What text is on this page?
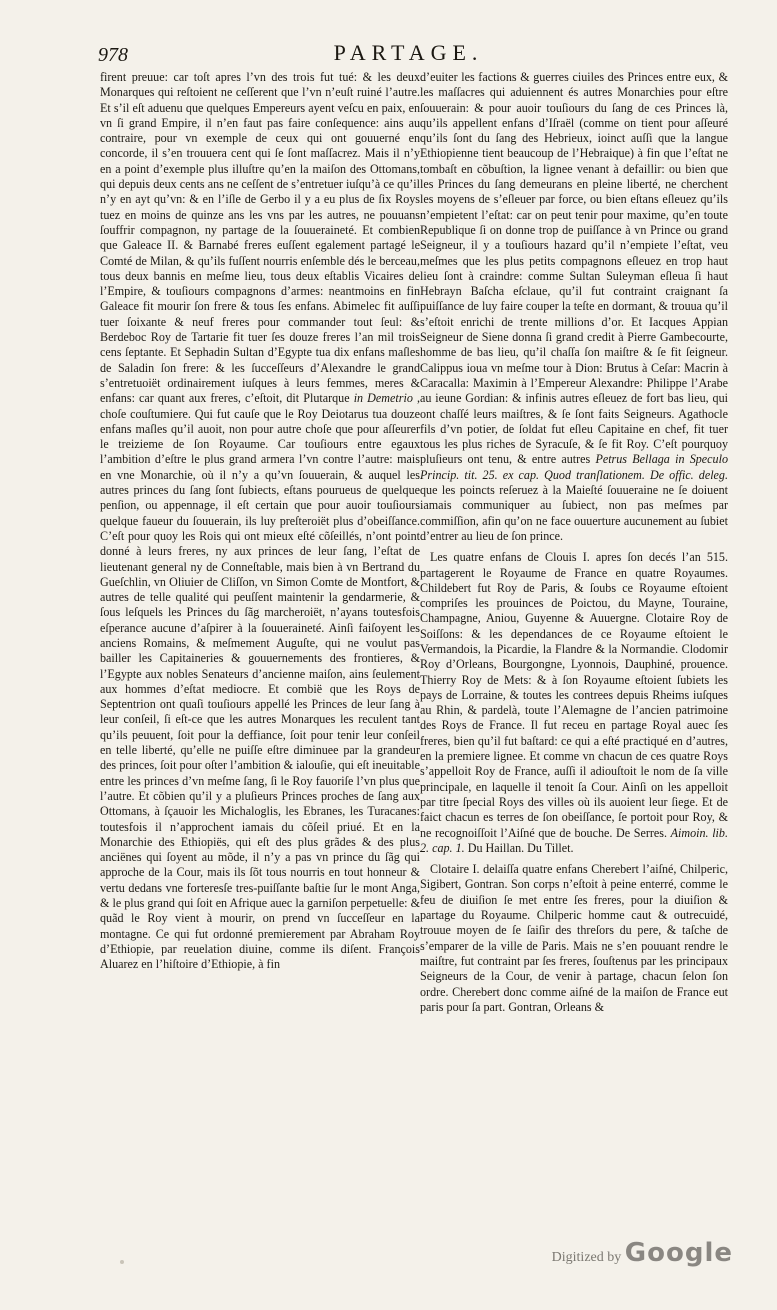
978	PARTAGE.

fìrent preuue: car toſt apres l’vn des trois fut tué: & les deux Monarques qui reſtoient ne ceſſerent que l’vn n’euſt ruiné l’autre. Et s’il eſt aduenu que quelques Empereurs ayent veſcu en paix, en vn ſi grand Empire, il n’en faut pas faire conſequence: ains au contraire, pour vn exemple de ceux qui ont gouuerné en concorde, il s’en trouuera cent qui ſe ſont maſſacrez. Mais il n’y en a point d’exemple plus illuſtre qu’en la maiſon des Ottomans, qui depuis deux cents ans ne ceſſent de s’entretuer iuſqu’à ce qu’il n’y en ayt qu’vn: & en l’iſle de Gerbo il y a eu plus de ſix Roys tuez en moins de quinze ans les vns par les autres, ne pouuans ſouffrir compagnon, ny partage de la ſouueraineté. Et combien que Galeace II. & Barnabé freres euſſent egalement partagé le Comté de Milan, & qu’ils fuſſent nourris enſemble dés le berceau, tous deux bannis en meſme lieu, tous deux eſtablis Vicaires de l’Empire, & touſiours compagnons d’armes: neantmoins en fin Galeace fit mourir ſon frere & tous ſes enfans. Abimelec fit auſſi tuer ſoixante & neuf freres pour commander tout ſeul: & Berdeboc Roy de Tartarie fit tuer ſes douze freres l’an mil trois cens ſeptante. Et Sephadin Sultan d’Egypte tua dix enfans maſles de Saladin ſon frere: & les ſucceſſeurs d’Alexandre le grand s’entretuoiët ordinairement iuſques à leurs femmes, meres & enfans: car quant aux freres, c’eſtoit, dit Plutarque in Demetrio , choſe couſtumiere. Qui fut cauſe que le Roy Deiotarus tua douze enfans maſles qu’il auoit, non pour autre choſe que pour aſſeurer le treizieme de ſon Royaume. Car touſiours entre egaux l’ambition d’eſtre le plus grand armera l’vn contre l’autre: mais en vne Monarchie, où il n’y a qu’vn ſouuerain, & auquel les autres princes du ſang ſont ſubiects, eſtans pourueus de quelque penſion, ou appennage, il eſt certain que pour auoir touſiours quelque faueur du ſouuerain, ils luy preſteroiët plus d’obeiſſance. C’eſt pour quoy les Rois qui ont mieux eſté cõſeillés, n’ont point donné à leurs freres, ny aux princes de leur ſang, l’eſtat de lieutenant general ny de Conneſtable, mais bien à vn Bertrand du Gueſchlin, vn Oliuier de Cliſſon, vn Simon Comte de Montfort, & autres de telle qualité qui peuſſent maintenir la gendarmerie, & ſous leſquels les Princes du ſãg marcheroiët, n’ayans toutesfois eſperance aucune d’aſpirer à la ſouueraineté. Ainſi faiſoyent les anciens Romains, & meſmement Auguſte, qui ne voulut pas bailler les Capitaineries & gouuernements des frontieres, & l’Egypte aux nobles Senateurs d’ancienne maiſon, ains ſeulement aux hommes d’eſtat mediocre. Et combië que les Roys de Septentrion ont quaſi touſiours appellé les Princes de leur ſang à leur conſeil, ſi eſt-ce que les autres Monarques les reculent tant qu’ils peuuent, ſoit pour la deffiance, ſoit pour tenir leur conſeil en telle liberté, qu’elle ne puiſſe eſtre diminuee par la grandeur des princes, ſoit pour oſter l’ambition & ialouſie, qui eſt ineuitable entre les princes d’vn meſme ſang, ſi le Roy fauoriſe l’vn plus que l’autre. Et cõbien qu’il y a pluſieurs Princes proches de ſang aux Ottomans, à ſçauoir les Michaloglis, les Ebranes, les Turacanes: toutesfois il n’approchent iamais du cõſeil priué. Et en la Monarchie des Ethiopiës, qui eſt des plus grãdes & des plus anciënes qui ſoyent au mõde, il n’y a pas vn prince du ſãg qui approche de la Cour, mais ils ſõt tous nourris en tout honneur & vertu dedans vne forteresſe tres-puiſſante baſtie ſur le mont Anga, & le plus grand qui ſoit en Afrique auec la garniſon perpetuelle: & quãd le Roy vient à mourir, on prend vn ſucceſſeur en la montagne. Ce qui fut ordonné premierement par Abraham Roy d’Ethiopie, par reuelation diuine, comme ils diſent. François Aluarez en l’hiſtoire d’Ethiopie, à fin

d’euiter les factions & guerres ciuiles des Princes entre eux, & les maſſacres qui aduiennent és autres Monarchies pour eſtre ſouuerain: & pour auoir touſiours du ſang de ces Princes là, qu’ils appellent enfans d’Iſraël (comme on tient pour aſſeuré qu’ils ſont du ſang des Hebrieux, ioinct auſſi que la langue Ethiopienne tient beaucoup de l’Hebraique) à fin que l’eſtat ne tombaſt en cõbuſtion, la lignee venant à defaillir: ou bien que les Princes du ſang demeurans en pleine liberté, ne cherchent les moyens de s’eſleuer par force, ou bien eſtans eſleuez qu’ils n’empietent l’eſtat: car on peut tenir pour maxime, qu’en toute Republique ſi on donne trop de puiſſance à vn Prince ou grand Seigneur, il y a touſiours hazard qu’il n’empiete l’eſtat, veu meſmes que les plus petits compagnons eſleuez en trop haut lieu ſont à craindre: comme Sultan Suleyman eſleua ſi haut Hebrayn Baſcha eſclaue, qu’il fut contraint craignant ſa puiſſance de luy faire couper la teſte en dormant, & trouua qu’il s’eſtoit enrichi de trente millions d’or. Et Iacques Appian Seigneur de Siene donna ſi grand credit à Pierre Gambecourte, homme de bas lieu, qu’il chaſſa ſon maiſtre & ſe fit ſeigneur. Calippus ioua vn meſme tour à Dion: Brutus à Ceſar: Macrin à Caracalla: Maximin à l’Empereur Alexandre: Philippe l’Arabe au ieune Gordian: & infinis autres eſleuez de fort bas lieu, qui ont chaſſé leurs maiſtres, & ſe ſont faits Seigneurs. Agathocle fils d’vn potier, de ſoldat fut eſleu Capitaine en chef, fit tuer tous les plus riches de Syracuſe, & ſe fit Roy. C’eſt pourquoy pluſieurs ont tenu, & entre autres Petrus Bellaga in Speculo Princip. tit. 25. ex cap. Quod tranſlationem. De offic. deleg. que les poincts reſeruez à la Maieſté ſouueraine ne ſe doiuent iamais communiquer au ſubiect, non pas meſmes par commiſſion, afin qu’on ne face ouuerture aucunement au ſubiet d’entrer au lieu de ſon prince.

Les quatre enfans de Clouis I. apres ſon decés l’an 515. partagerent le Royaume de France en quatre Royaumes. Childebert fut Roy de Paris, & ſoubs ce Royaume eſtoient compriſes les prouinces de Poictou, du Mayne, Touraine, Champagne, Aniou, Guyenne & Auuergne. Clotaire Roy de Soiſſons: & les dependances de ce Royaume eſtoient le Vermandois, la Picardie, la Flandre & la Normandie. Clodomir Roy d’Orleans, Bourgongne, Lyonnois, Dauphiné, prouence. Thierry Roy de Mets: & à ſon Royaume eſtoient ſubiets les pays de Lorraine, & toutes les contrees depuis Rheims iuſques au Rhin, & pardelà, toute l’Alemagne de l’ancien patrimoine des Roys de France. Il fut receu en partage Royal auec ſes freres, bien qu’il fut baſtard: ce qui a eſté practiqué en d’autres, en la premiere lignee. Et comme vn chacun de ces quatre Roys s’appelloit Roy de France, auſſi il adiouſtoit le nom de ſa ville principale, en laquelle il tenoit ſa Cour. Ainſi on les appelloit par titre ſpecial Roys des villes où ils auoient leur ſiege. Et de faict chacun es terres de ſon obeiſſance, ſe portoit pour Roy, & ne recognoiſſoit l’Aiſné que de bouche. De Serres. Aimoin. lib. 2. cap. 1. Du Haillan. Du Tillet.

Clotaire I. delaiſſa quatre enfans Cherebert l’aiſné, Chilperic, Sigibert, Gontran. Son corps n’eſtoit à peine enterré, comme le feu de diuiſion ſe met entre ſes freres, pour la diuiſion & partage du Royaume. Chilperic homme caut & outrecuidé, trouue moyen de ſe ſaiſir des threſors du pere, & taſche de s’emparer de la ville de Paris. Mais ne s’en pouuant rendre le maiſtre, fut contraint par ſes freres, ſouſtenus par les principaux Seigneurs de la Cour, de venir à partage, chacun ſelon ſon ordre. Cherebert donc comme aiſné de la maiſon de France eut paris pour ſa part. Gontran, Orleans &

Digitized by Google
